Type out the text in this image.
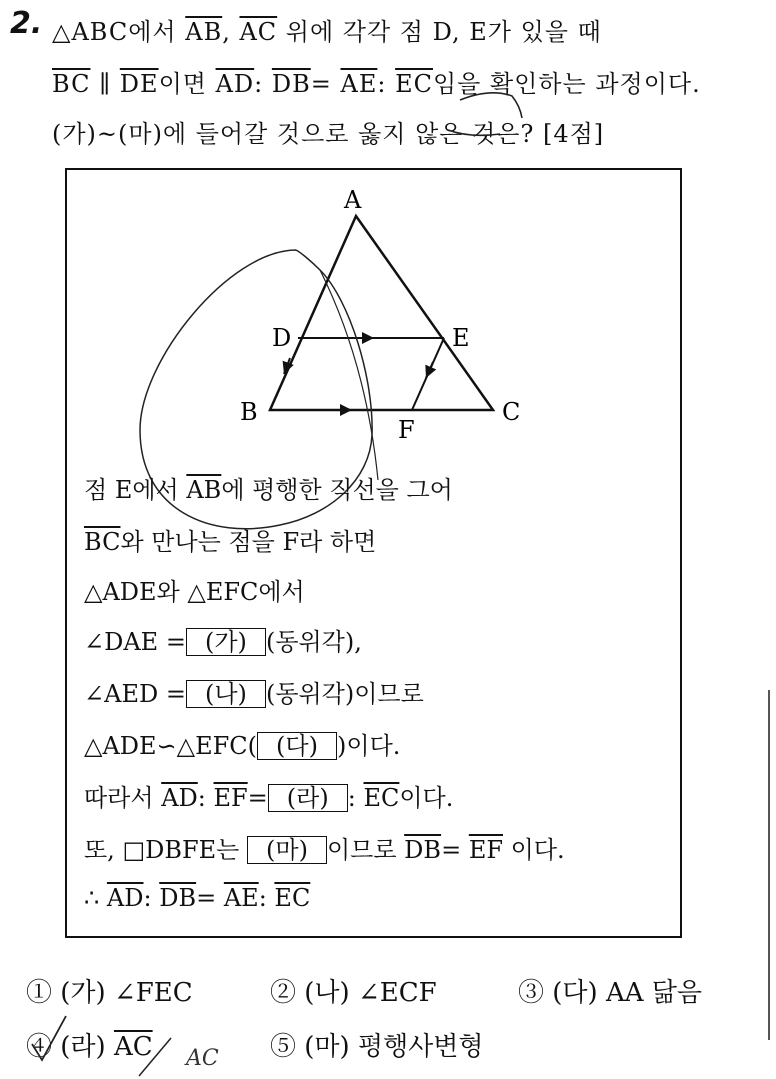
2. △ABC에서 $\overline{AB}$, $\overline{AC}$ 위에 각각 점 D, E가 있을 때
$\overline{BC}$ ∥ $\overline{DE}$이면 $\overline{AD}$: $\overline{DB}= \overline{AE}$: $\overline{EC}$임을 확인하는 과정이다.
(가)~(마)에 들어갈 것으로 옳지 않은 것은? [4점]
A
B	C
D	E
F
점 E에서 $\overline{AB}$에 평행한 직선을 그어
$\overline{BC}$와 만나는 점을 F라 하면
△ADE와 △EFC에서
∠DAE = (가) (동위각),
∠AED = (나) (동위각)이므로
△ADE∽△EFC( (다) )이다.
따라서 $\overline{AD}$: $\overline{EF}=$ (라) : $\overline{EC}$이다.
또, □DBFE는 (마) 이므로 $\overline{DB}= \overline{EF}$ 이다.
∴ $\overline{AD}$: $\overline{DB}= \overline{AE}$: $\overline{EC}$
① (가) ∠FEC	② (나) ∠ECF	③ (다) AA 닮음
④ (라) $\overline{AC}$	⑤ (마) 평행사변형
AC
